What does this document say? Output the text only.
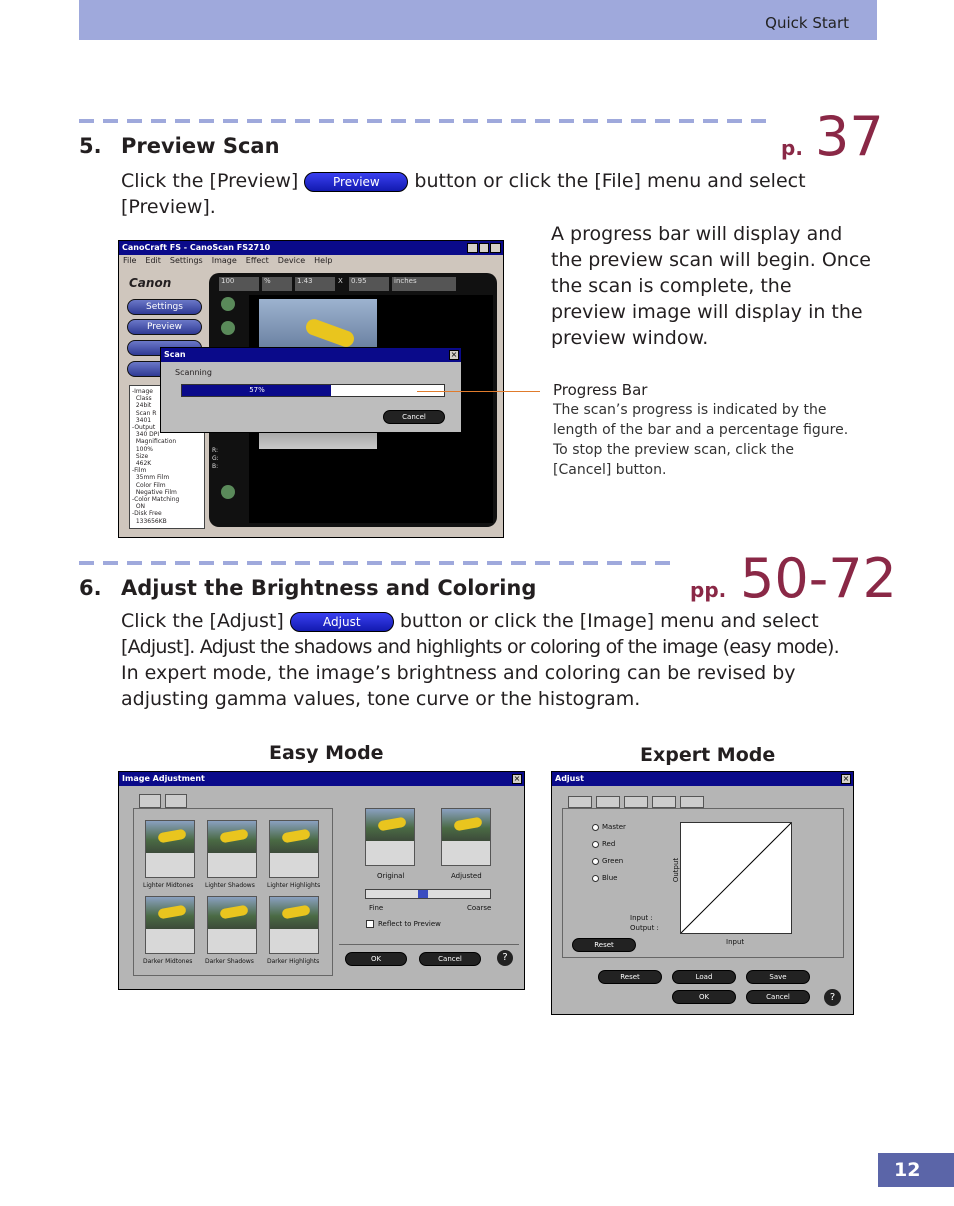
Quick Start
5. Preview Scan	p. 37
Click the [Preview]	Preview button or click the [File] menu and select [Preview].
A progress bar will display and the preview scan will begin. Once the scan is complete, the preview image will display in the preview window.
CanoCraft FS - CanoScan FS2710
File Edit Settings Image Effect Device Help
Canon
Settings
Preview
-Image
Class
24bit
Scan R
3401
-Output
340 DPI
Magnification
100%
Size
462K
-Film
35mm Film
Color Film
Negative Film
-Color Matching
ON
-Disk Free
133656KB
100	%	1.43	X	0.95	inches
R:
G:
B:
Scan	×
Scanning
57%
Cancel
Progress Bar
The scan’s progress is indicated by the length of the bar and a percentage figure. To stop the preview scan, click the [Cancel] button.
6. Adjust the Brightness and Coloring	pp. 50-72
Click the [Adjust]	Adjust button or click the [Image] menu and select
[Adjust]. Adjust the shadows and highlights or coloring of the image (easy mode).
In expert mode, the image’s brightness and coloring can be revised by
adjusting gamma values, tone curve or the histogram.
Easy Mode	Expert Mode
Image Adjustment	×
Original	Adjusted
Fine	Coarse
Reflect to Preview
OK	Cancel	?
Lighter Midtones Lighter Shadows Lighter Highlights
Darker Midtones Darker Shadows Darker Highlights
Adjust	×
Output
Input
Input :
Output :
Reset
Reset	Load	Save
OK	Cancel	?
Master
Red
Green
Blue
12
